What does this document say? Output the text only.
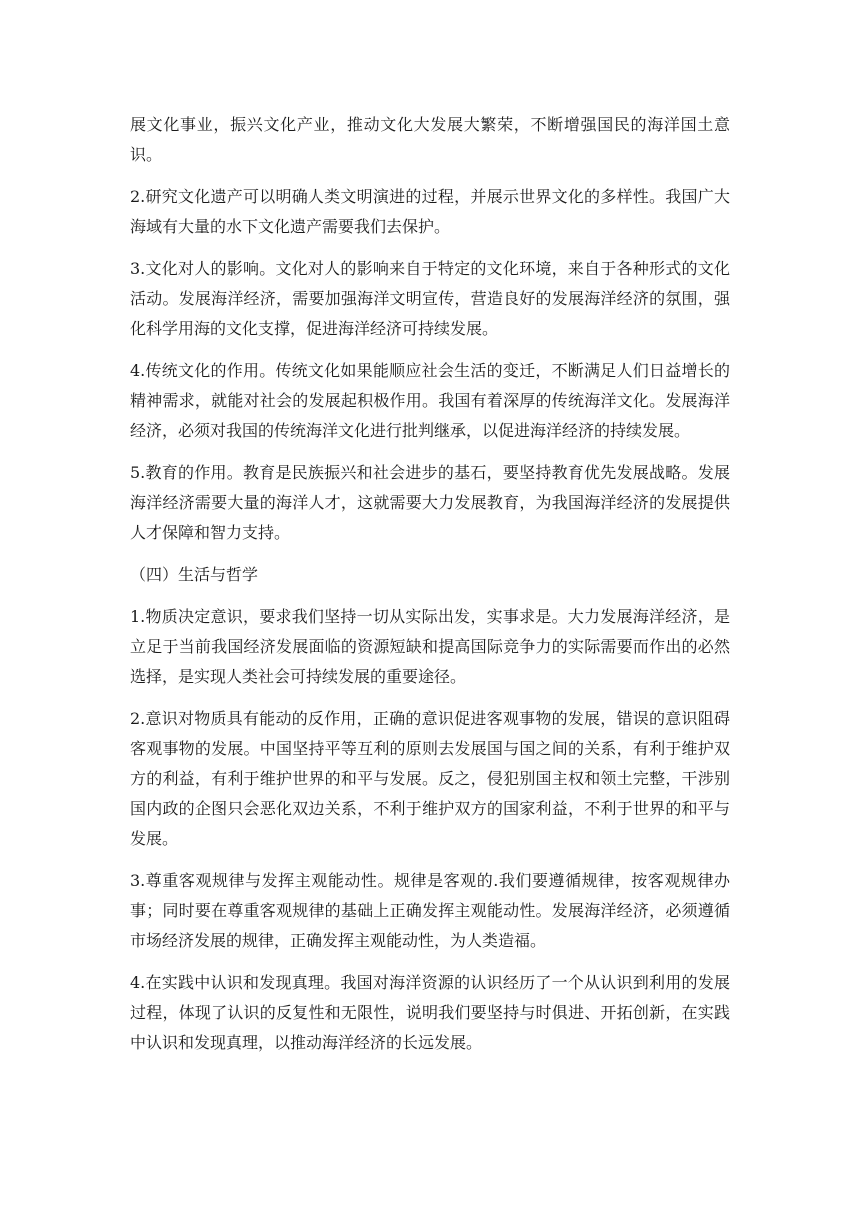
展文化事业，振兴文化产业，推动文化大发展大繁荣，不断增强国民的海洋国土意识。

2.研究文化遗产可以明确人类文明演进的过程，并展示世界文化的多样性。我国广大海域有大量的水下文化遗产需要我们去保护。

3.文化对人的影响。文化对人的影响来自于特定的文化环境，来自于各种形式的文化活动。发展海洋经济，需要加强海洋文明宣传，营造良好的发展海洋经济的氛围，强化科学用海的文化支撑，促进海洋经济可持续发展。

4.传统文化的作用。传统文化如果能顺应社会生活的变迁，不断满足人们日益增长的精神需求，就能对社会的发展起积极作用。我国有着深厚的传统海洋文化。发展海洋经济，必须对我国的传统海洋文化进行批判继承，以促进海洋经济的持续发展。

5.教育的作用。教育是民族振兴和社会进步的基石，要坚持教育优先发展战略。发展海洋经济需要大量的海洋人才，这就需要大力发展教育，为我国海洋经济的发展提供人才保障和智力支持。

（四）生活与哲学

1.物质决定意识，要求我们坚持一切从实际出发，实事求是。大力发展海洋经济，是立足于当前我国经济发展面临的资源短缺和提高国际竞争力的实际需要而作出的必然选择，是实现人类社会可持续发展的重要途径。

2.意识对物质具有能动的反作用，正确的意识促进客观事物的发展，错误的意识阻碍客观事物的发展。中国坚持平等互利的原则去发展国与国之间的关系，有利于维护双方的利益，有利于维护世界的和平与发展。反之，侵犯别国主权和领土完整，干涉别国内政的企图只会恶化双边关系，不利于维护双方的国家利益，不利于世界的和平与发展。

3.尊重客观规律与发挥主观能动性。规律是客观的.我们要遵循规律，按客观规律办事；同时要在尊重客观规律的基础上正确发挥主观能动性。发展海洋经济，必须遵循市场经济发展的规律，正确发挥主观能动性，为人类造福。

4.在实践中认识和发现真理。我国对海洋资源的认识经历了一个从认识到利用的发展过程，体现了认识的反复性和无限性，说明我们要坚持与时俱进、开拓创新，在实践中认识和发现真理，以推动海洋经济的长远发展。
